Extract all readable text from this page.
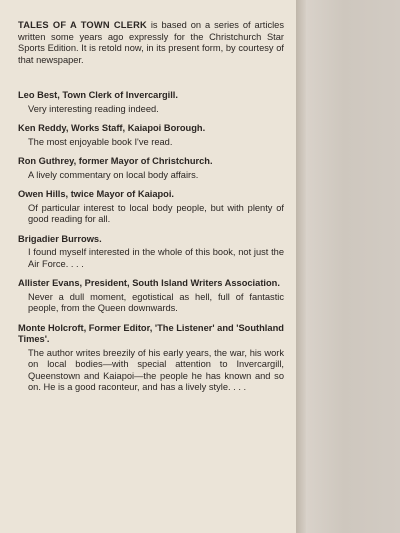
TALES OF A TOWN CLERK is based on a series of articles written some years ago expressly for the Christchurch Star Sports Edition. It is retold now, in its present form, by courtesy of that newspaper.

Leo Best, Town Clerk of Invercargill.

Very interesting reading indeed.

Ken Reddy, Works Staff, Kaiapoi Borough.

The most enjoyable book I've read.

Ron Guthrey, former Mayor of Christchurch.

A lively commentary on local body affairs.

Owen Hills, twice Mayor of Kaiapoi.

Of particular interest to local body people, but with plenty of good reading for all.

Brigadier Burrows.

I found myself interested in the whole of this book, not just the Air Force. . . .

Allister Evans, President, South Island Writers Association.

Never a dull moment, egotistical as hell, full of fantastic people, from the Queen downwards.

Monte Holcroft, Former Editor, 'The Listener' and 'Southland Times'.

The author writes breezily of his early years, the war, his work on local bodies—with special attention to Invercargill, Queenstown and Kaiapoi—the people he has known and so on. He is a good raconteur, and has a lively style. . . .
